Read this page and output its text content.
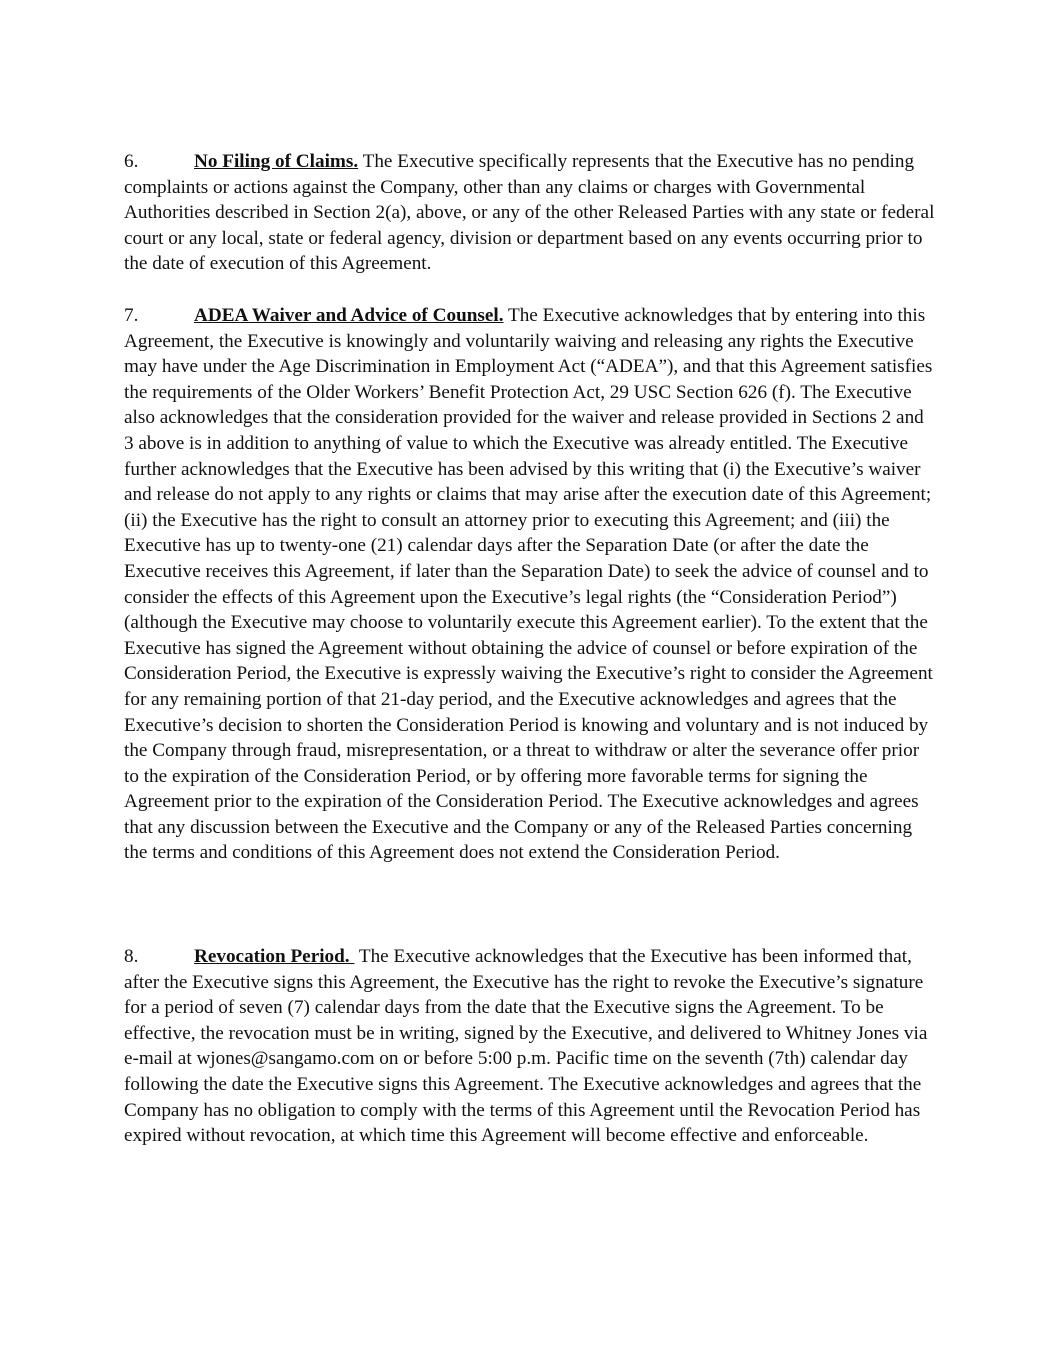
6.	No Filing of Claims. The Executive specifically represents that the Executive has no pending complaints or actions against the Company, other than any claims or charges with Governmental Authorities described in Section 2(a), above, or any of the other Released Parties with any state or federal court or any local, state or federal agency, division or department based on any events occurring prior to the date of execution of this Agreement.

7.	ADEA Waiver and Advice of Counsel. The Executive acknowledges that by entering into this Agreement, the Executive is knowingly and voluntarily waiving and releasing any rights the Executive may have under the Age Discrimination in Employment Act (“ADEA”), and that this Agreement satisfies the requirements of the Older Workers’ Benefit Protection Act, 29 USC Section 626 (f). The Executive also acknowledges that the consideration provided for the waiver and release provided in Sections 2 and 3 above is in addition to anything of value to which the Executive was already entitled. The Executive further acknowledges that the Executive has been advised by this writing that (i) the Executive’s waiver and release do not apply to any rights or claims that may arise after the execution date of this Agreement; (ii) the Executive has the right to consult an attorney prior to executing this Agreement; and (iii) the Executive has up to twenty-one (21) calendar days after the Separation Date (or after the date the Executive receives this Agreement, if later than the Separation Date) to seek the advice of counsel and to consider the effects of this Agreement upon the Executive’s legal rights (the “Consideration Period”) (although the Executive may choose to voluntarily execute this Agreement earlier). To the extent that the Executive has signed the Agreement without obtaining the advice of counsel or before expiration of the Consideration Period, the Executive is expressly waiving the Executive’s right to consider the Agreement for any remaining portion of that 21-day period, and the Executive acknowledges and agrees that the Executive’s decision to shorten the Consideration Period is knowing and voluntary and is not induced by the Company through fraud, misrepresentation, or a threat to withdraw or alter the severance offer prior to the expiration of the Consideration Period, or by offering more favorable terms for signing the Agreement prior to the expiration of the Consideration Period. The Executive acknowledges and agrees that any discussion between the Executive and the Company or any of the Released Parties concerning the terms and conditions of this Agreement does not extend the Consideration Period.

8.	Revocation Period.  The Executive acknowledges that the Executive has been informed that, after the Executive signs this Agreement, the Executive has the right to revoke the Executive’s signature for a period of seven (7) calendar days from the date that the Executive signs the Agreement. To be effective, the revocation must be in writing, signed by the Executive, and delivered to Whitney Jones via e-mail at wjones@sangamo.com on or before 5:00 p.m. Pacific time on the seventh (7th) calendar day following the date the Executive signs this Agreement. The Executive acknowledges and agrees that the Company has no obligation to comply with the terms of this Agreement until the Revocation Period has expired without revocation, at which time this Agreement will become effective and enforceable.
